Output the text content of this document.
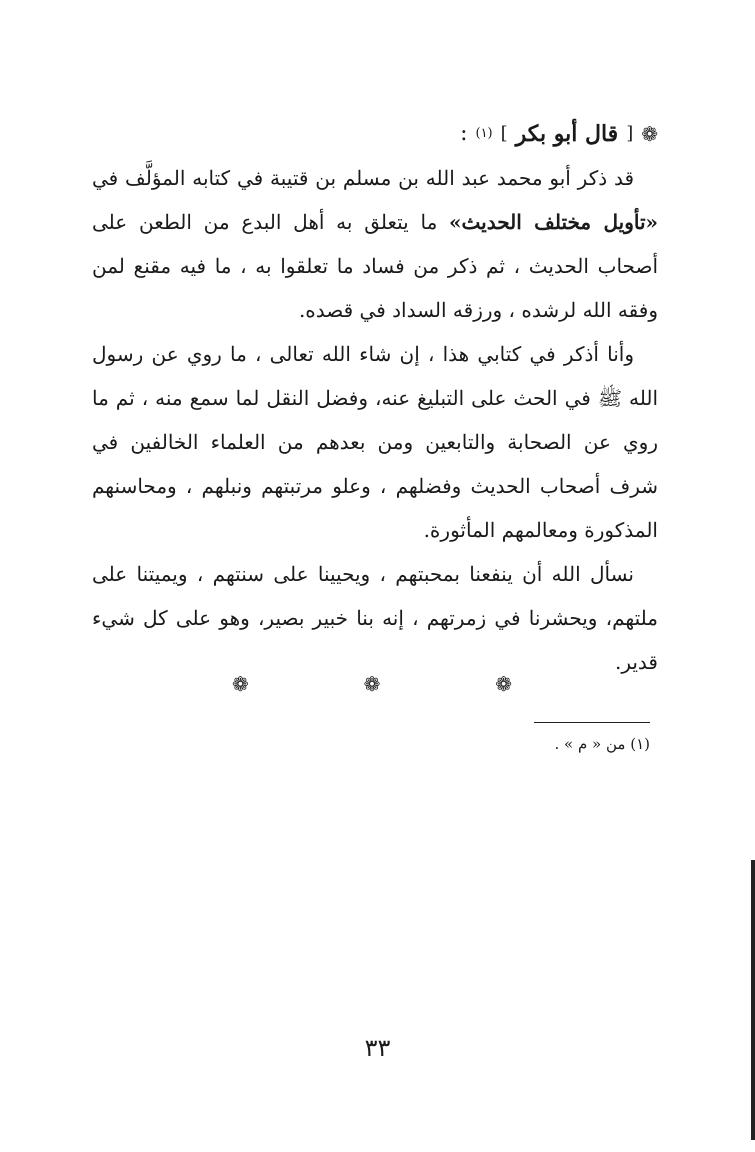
❁
[
قال أبو بكر
]
(١)
:

قد ذكر أبو محمد عبد الله بن مسلم بن قتيبة في كتابه المؤلَّف في «تأويل مختلف الحديث» ما يتعلق به أهل البدع من الطعن على أصحاب الحديث ، ثم ذكر من فساد ما تعلقوا به ، ما فيه مقنع لمن وفقه الله لرشده ، ورزقه السداد في قصده.

وأنا أذكر في كتابي هذا ، إن شاء الله تعالى ، ما روي عن رسول الله ﷺ في الحث على التبليغ عنه، وفضل النقل لما سمع منه ، ثم ما روي عن الصحابة والتابعين ومن بعدهم من العلماء الخالفين في شرف أصحاب الحديث وفضلهم ، وعلو مرتبتهم ونبلهم ، ومحاسنهم المذكورة ومعالمهم المأثورة.

نسأل الله أن ينفعنا بمحبتهم ، ويحيينا على سنتهم ، ويميتنا على ملتهم، ويحشرنا في زمرتهم ، إنه بنا خبير بصير، وهو على كل شيء قدير.

❁	❁	❁
(١) من « م » .
٣٣
